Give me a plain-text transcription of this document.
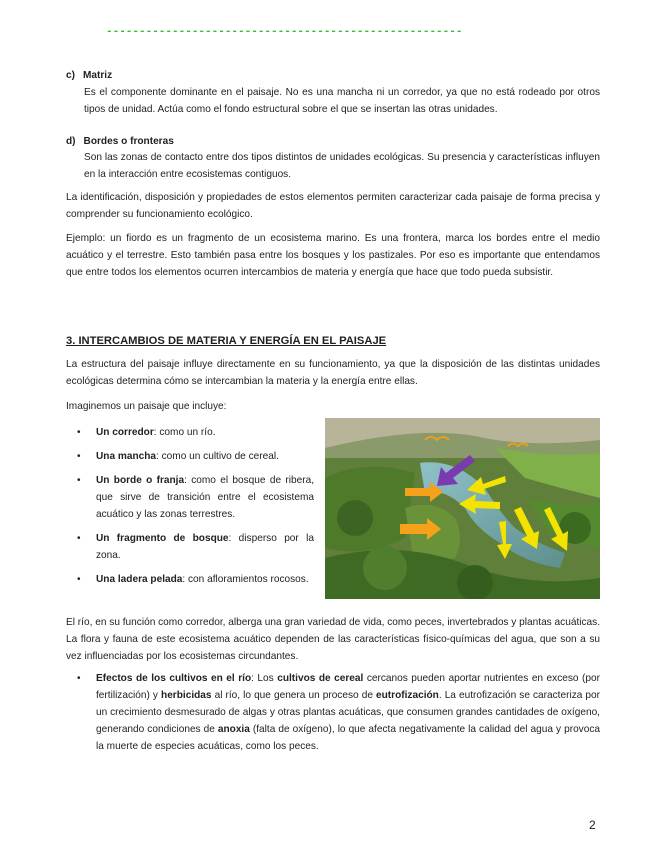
------------------------------------------------------
c) Matriz
Es el componente dominante en el paisaje. No es una mancha ni un corredor, ya que no está rodeado por otros tipos de unidad. Actúa como el fondo estructural sobre el que se insertan las otras unidades.
d) Bordes o fronteras
Son las zonas de contacto entre dos tipos distintos de unidades ecológicas. Su presencia y características influyen en la interacción entre ecosistemas contiguos.
La identificación, disposición y propiedades de estos elementos permiten caracterizar cada paisaje de forma precisa y comprender su funcionamiento ecológico.
Ejemplo: un fiordo es un fragmento de un ecosistema marino. Es una frontera, marca los bordes entre el medio acuático y el terrestre. Esto también pasa entre los bosques y los pastizales. Por eso es importante que entendamos que entre todos los elementos ocurren intercambios de materia y energía que hace que todo pueda subsistir.
3. INTERCAMBIOS DE MATERIA Y ENERGÍA EN EL PAISAJE
La estructura del paisaje influye directamente en su funcionamiento, ya que la disposición de las distintas unidades ecológicas determina cómo se intercambian la materia y la energía entre ellas.
Imaginemos un paisaje que incluye:
• Un corredor: como un río.
• Una mancha: como un cultivo de cereal.
• Un borde o franja: como el bosque de ribera, que sirve de transición entre el ecosistema acuático y las zonas terrestres.
• Un fragmento de bosque: disperso por la zona.
• Una ladera pelada: con afloramientos rocosos.
El río, en su función como corredor, alberga una gran variedad de vida, como peces, invertebrados y plantas acuáticas. La flora y fauna de este ecosistema acuático dependen de las características físico-químicas del agua, que son a su vez influenciadas por los ecosistemas circundantes.
• Efectos de los cultivos en el río: Los cultivos de cereal cercanos pueden aportar nutrientes en exceso (por fertilización) y herbicidas al río, lo que genera un proceso de eutrofización. La eutrofización se caracteriza por un crecimiento desmesurado de algas y otras plantas acuáticas, que consumen grandes cantidades de oxígeno, generando condiciones de anoxia (falta de oxígeno), lo que afecta negativamente la calidad del agua y provoca la muerte de especies acuáticas, como los peces.
2
